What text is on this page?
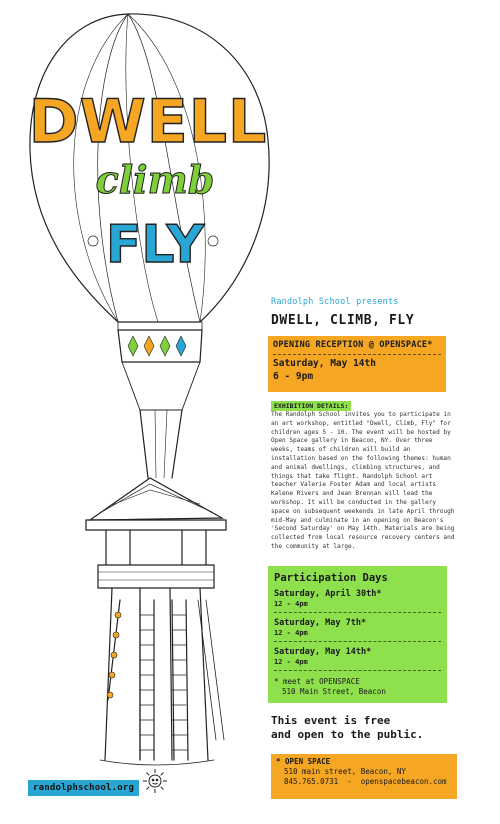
DWELL
climb
FLY
Randolph School presents
DWELL, CLIMB, FLY
OPENING RECEPTION @ OPENSPACE*
Saturday, May 14th
6 - 9pm
EXHIBITION DETAILS:
The Randolph School invites you to participate in an art workshop, entitled "Dwell, Climb, Fly" for children ages 5 - 10. The event will be hosted by Open Space gallery in Beacon, NY. Over three weeks, teams of children will build an installation based on the following themes: human and animal dwellings, climbing structures, and things that take flight. Randolph School art teacher Valerie Foster Adam and local artists Kalene Rivers and Jean Brennan will lead the workshop. It will be conducted in the gallery space on subsequent weekends in late April through mid-May and culminate in an opening on Beacon's 'Second Saturday' on May 14th. Materials are being collected from local resource recovery centers and the community at large.
Participation Days
Saturday, April 30th*
12 - 4pm
Saturday, May 7th*
12 - 4pm
Saturday, May 14th*
12 - 4pm
* meet at OPENSPACE
510 Main Street, Beacon
This event is free
and open to the public.
* OPEN SPACE
510 main street, Beacon, NY
845.765.0731  -  openspacebeacon.com
randolphschool.org
